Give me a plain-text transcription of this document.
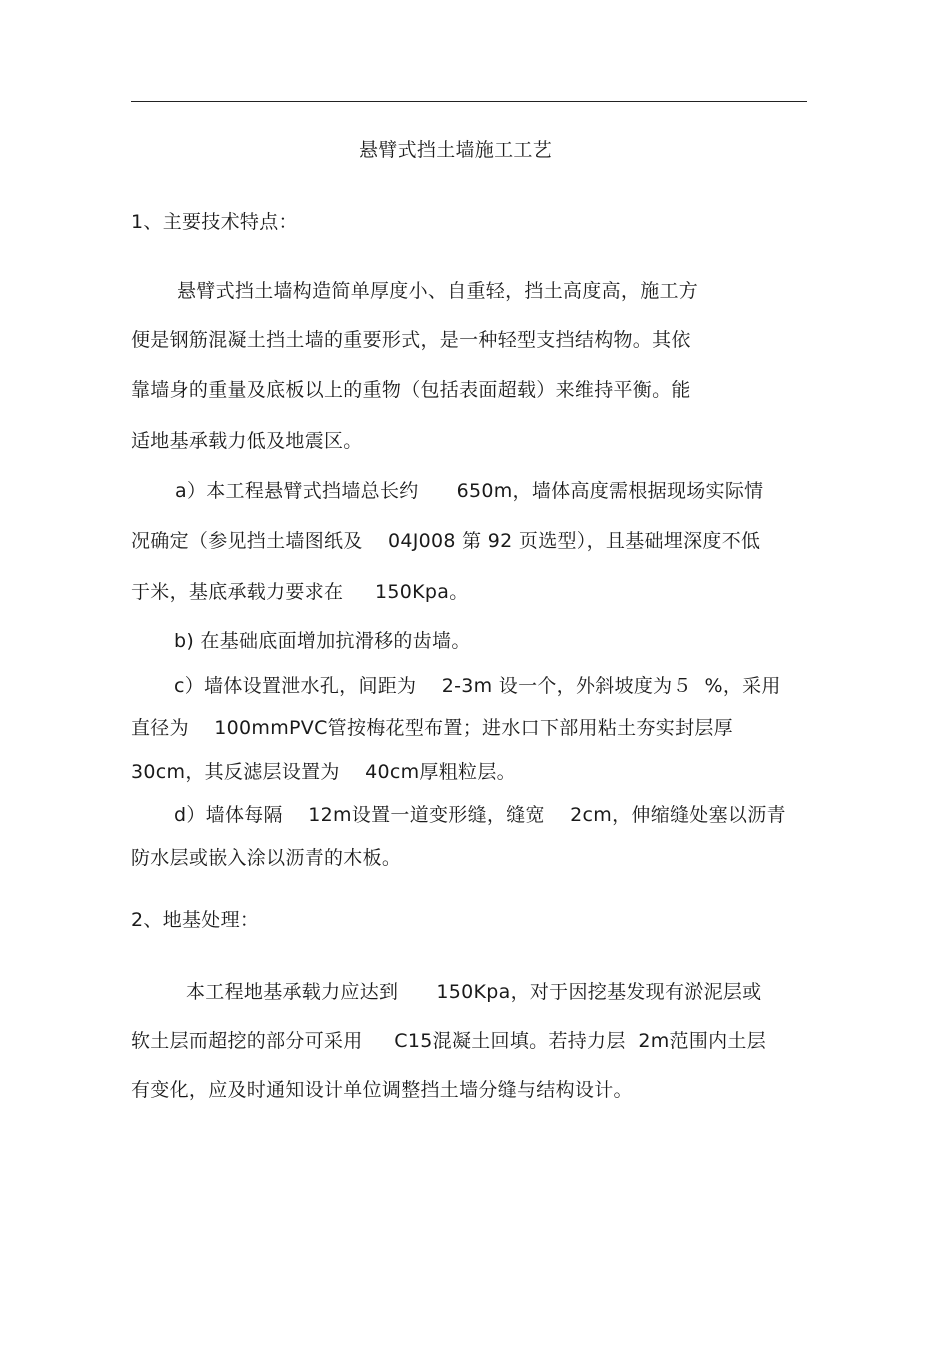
悬臂式挡土墙施工工艺
1、主要技术特点：
悬臂式挡土墙构造简单厚度小、自重轻，挡土高度高，施工方
便是钢筋混凝土挡土墙的重要形式，是一种轻型支挡结构物。其依
靠墙身的重量及底板以上的重物（包括表面超载）来维持平衡。能
适地基承载力低及地震区。
a）本工程悬臂式挡墙总长约      650m，墙体高度需根据现场实际情
况确定（参见挡土墙图纸及    04J008 第 92 页选型），且基础埋深度不低
于米，基底承载力要求在     150Kpa。
b) 在基础底面增加抗滑移的齿墙。
c）墙体设置泄水孔，间距为    2-3m 设一个，外斜坡度为５  %，采用
直径为    100mmPVC管按梅花型布置；进水口下部用粘土夯实封层厚
30cm，其反滤层设置为    40cm厚粗粒层。
d）墙体每隔    12m设置一道变形缝，缝宽    2cm，伸缩缝处塞以沥青
防水层或嵌入涂以沥青的木板。
2、地基处理：
本工程地基承载力应达到      150Kpa，对于因挖基发现有淤泥层或
软土层而超挖的部分可采用     C15混凝土回填。若持力层  2m范围内土层
有变化，应及时通知设计单位调整挡土墙分缝与结构设计。
